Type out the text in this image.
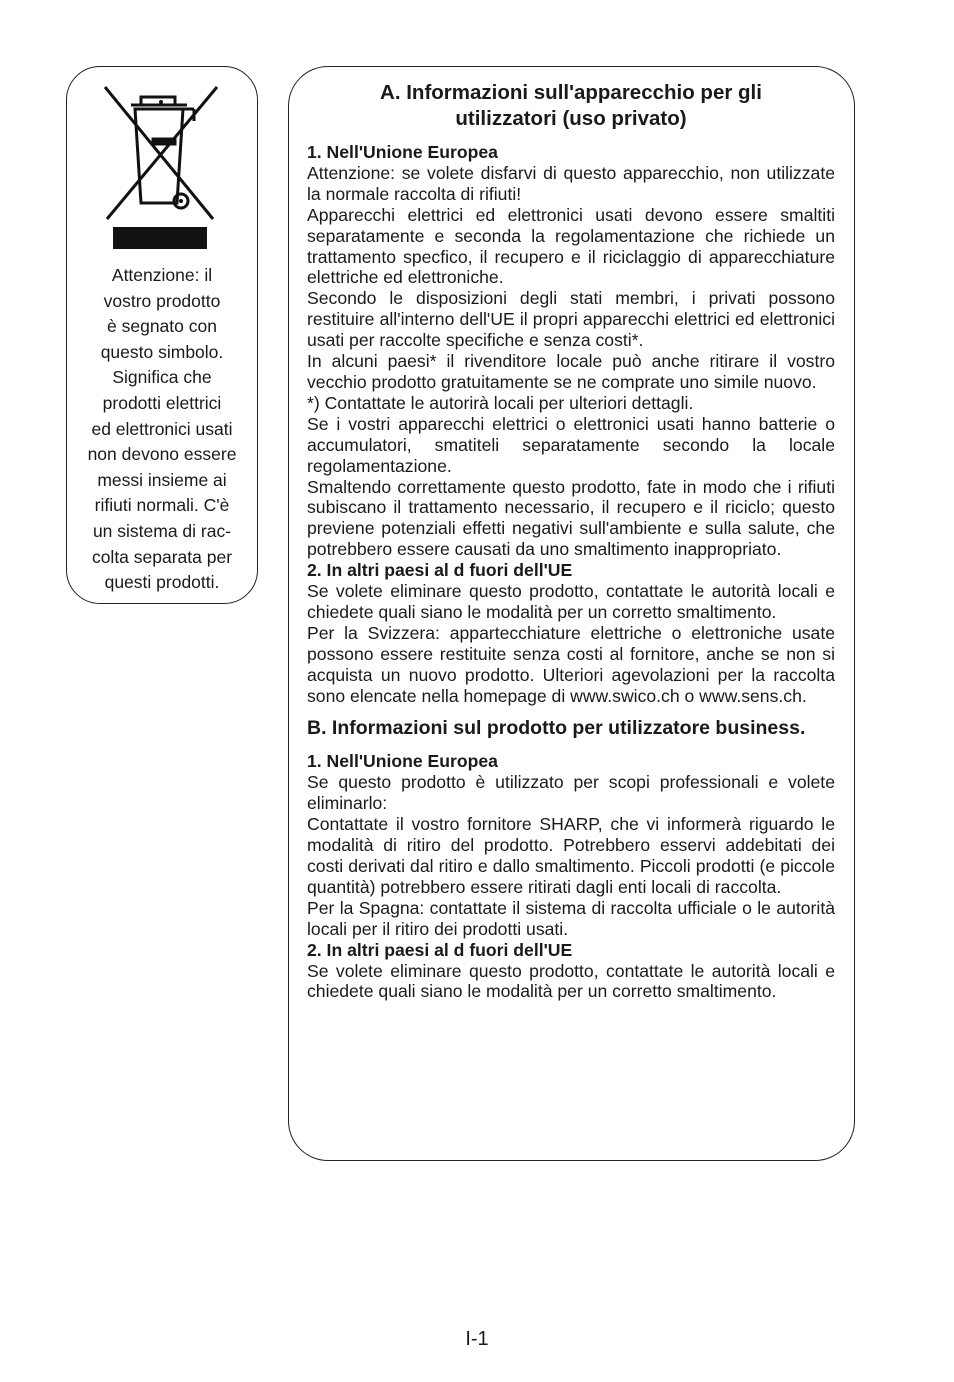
Attenzione: il
vostro prodotto
è segnato con
questo simbolo.
Significa che
prodotti elettrici
ed elettronici usati
non devono essere
messi insieme ai
rifiuti normali. C'è
un sistema di rac-
colta separata per
questi prodotti.
A. Informazioni sull'apparecchio per gli
utilizzatori (uso privato)
1. Nell'Unione Europea
Attenzione: se volete disfarvi di questo apparecchio, non utilizzate la normale raccolta di rifiuti!
Apparecchi elettrici ed elettronici usati devono essere smaltiti separatamente e seconda la regolamentazione che richiede un trattamento specfico, il recupero e il riciclaggio di apparecchiature elettriche ed elettroniche.
Secondo le disposizioni degli stati membri, i privati possono restituire all'interno dell'UE il propri apparecchi elettrici ed elettronici usati per raccolte specifiche e senza costi*.
In alcuni paesi* il rivenditore locale può anche ritirare il vostro vecchio prodotto gratuitamente se ne comprate uno simile nuovo.
*) Contattate le autorirà locali per ulteriori dettagli.
Se i vostri apparecchi elettrici o elettronici usati hanno batterie o accumulatori, smatiteli separatamente secondo la locale regolamentazione.
Smaltendo correttamente questo prodotto, fate in modo che i rifiuti subiscano il trattamento necessario, il recupero e il riciclo; questo previene potenziali effetti negativi sull'ambiente e sulla salute, che potrebbero essere causati da uno smaltimento inappropriato.
2. In altri paesi al d fuori dell'UE
Se volete eliminare questo prodotto, contattate le autorità locali e chiedete quali siano le modalità per un corretto smaltimento.
Per la Svizzera: appartecchiature elettriche o elettroniche usate possono essere restituite senza costi al fornitore, anche se non si acquista un nuovo prodotto. Ulteriori agevolazioni per la raccolta sono elencate nella homepage di www.swico.ch o www.sens.ch.
B. Informazioni sul prodotto per utilizzatore business.
1. Nell'Unione Europea
Se questo prodotto è utilizzato per scopi professionali e volete eliminarlo:
Contattate il vostro fornitore SHARP, che vi informerà riguardo le modalità di ritiro del prodotto. Potrebbero esservi addebitati dei costi derivati dal ritiro e dallo smaltimento. Piccoli prodotti (e piccole quantità) potrebbero essere ritirati dagli enti locali di raccolta.
Per la Spagna: contattate il sistema di raccolta ufficiale o le autorità locali per il ritiro dei prodotti usati.
2. In altri paesi al d fuori dell'UE
Se volete eliminare questo prodotto, contattate le autorità locali e chiedete quali siano le modalità per un corretto smaltimento.
I-1
